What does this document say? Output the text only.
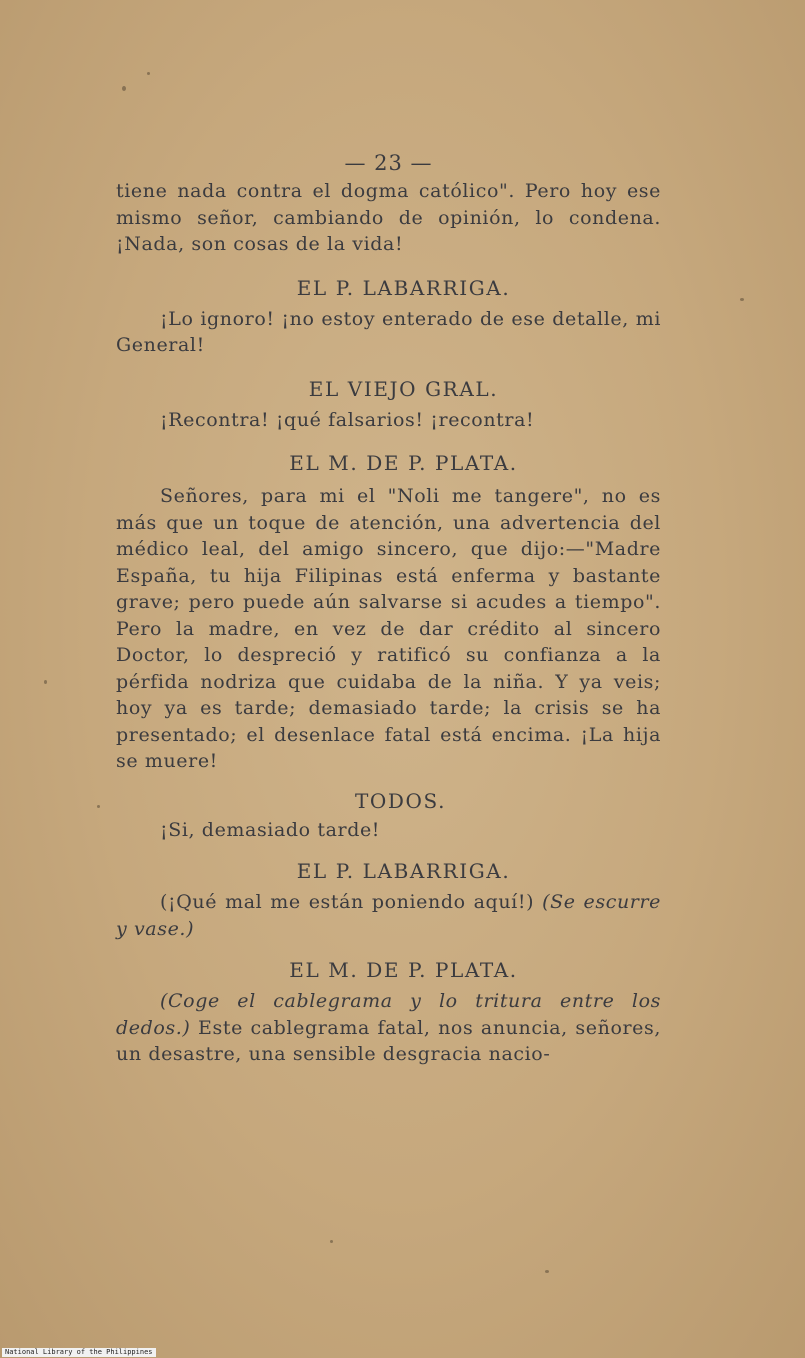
— 23 —

tiene nada contra el dogma católico". Pero hoy ese mismo señor, cambiando de opinión, lo condena. ¡Nada, son cosas de la vida!

EL P. LABARRIGA.

¡Lo ignoro! ¡no estoy enterado de ese detalle, mi General!

EL VIEJO GRAL.

¡Recontra! ¡qué falsarios! ¡recontra!

EL M. DE P. PLATA.

Señores, para mi el "Noli me tangere", no es más que un toque de atención, una advertencia del médico leal, del amigo sincero, que dijo:—"Madre España, tu hija Filipinas está enferma y bastante grave; pero puede aún salvarse si acudes a tiempo". Pero la madre, en vez de dar crédito al sincero Doctor, lo despreció y ratificó su confianza a la pérfida nodriza que cuidaba de la niña. Y ya veis; hoy ya es tarde; demasiado tarde; la crisis se ha presentado; el desenlace fatal está encima. ¡La hija se muere!

TODOS.

¡Si, demasiado tarde!

EL P. LABARRIGA.

(¡Qué mal me están poniendo aquí!) (Se escurre y vase.)

EL M. DE P. PLATA.

(Coge el cablegrama y lo tritura entre los dedos.) Este cablegrama fatal, nos anuncia, señores, un desastre, una sensible desgracia nacio-

National Library of the Philippines
